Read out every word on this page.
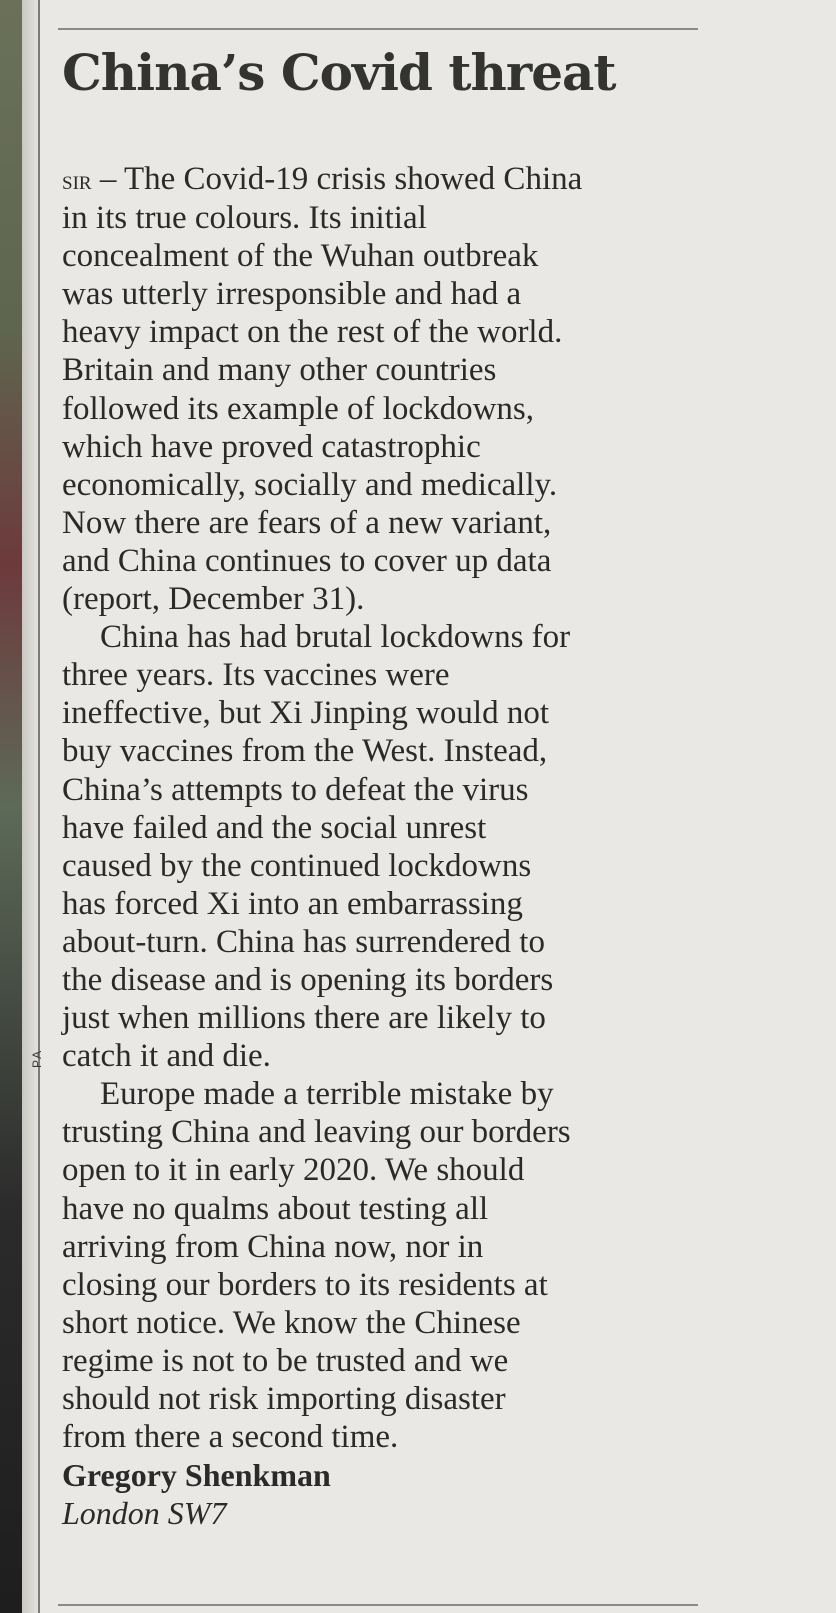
PA
China’s Covid threat
sir – The Covid-19 crisis showed China
in its true colours. Its initial
concealment of the Wuhan outbreak
was utterly irresponsible and had a
heavy impact on the rest of the world.
Britain and many other countries
followed its example of lockdowns,
which have proved catastrophic
economically, socially and medically.
Now there are fears of a new variant,
and China continues to cover up data
(report, December 31).
China has had brutal lockdowns for
three years. Its vaccines were
ineffective, but Xi Jinping would not
buy vaccines from the West. Instead,
China’s attempts to defeat the virus
have failed and the social unrest
caused by the continued lockdowns
has forced Xi into an embarrassing
about-turn. China has surrendered to
the disease and is opening its borders
just when millions there are likely to
catch it and die.
Europe made a terrible mistake by
trusting China and leaving our borders
open to it in early 2020. We should
have no qualms about testing all
arriving from China now, nor in
closing our borders to its residents at
short notice. We know the Chinese
regime is not to be trusted and we
should not risk importing disaster
from there a second time.

Gregory Shenkman

London SW7
